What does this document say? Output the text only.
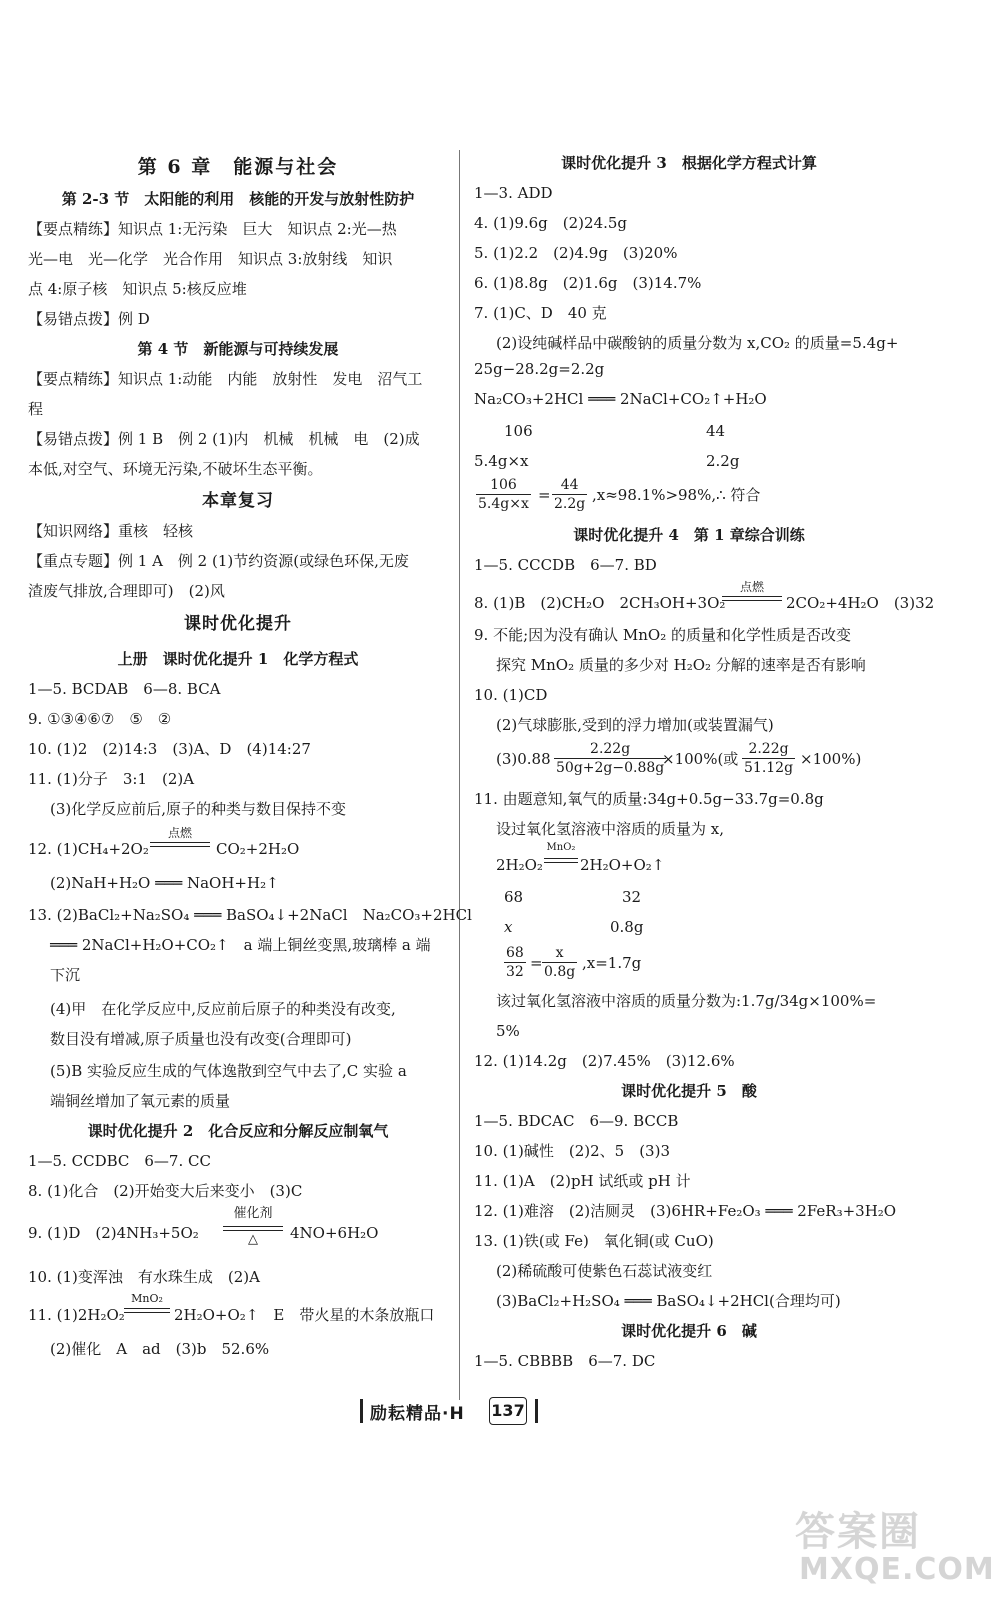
第 6 章　能源与社会
第 2-3 节　太阳能的利用　核能的开发与放射性防护
【要点精练】知识点 1:无污染　巨大　知识点 2:光—热
光—电　光—化学　光合作用　知识点 3:放射线　知识
点 4:原子核　知识点 5:核反应堆
【易错点拨】例 D
第 4 节　新能源与可持续发展
【要点精练】知识点 1:动能　内能　放射性　发电　沼气工
程
【易错点拨】例 1 B　例 2 (1)内　机械　机械　电　(2)成
本低,对空气、环境无污染,不破坏生态平衡。
本章复习
【知识网络】重核　轻核
【重点专题】例 1 A　例 2 (1)节约资源(或绿色环保,无废
渣废气排放,合理即可)　(2)风
课时优化提升
上册　课时优化提升 1　化学方程式
1—5. BCDAB　6—8. BCA
9. ①③④⑥⑦　⑤　②
10. (1)2　(2)14:3　(3)A、D　(4)14:27
11. (1)分子　3:1　(2)A
(3)化学反应前后,原子的种类与数目保持不变
12. (1)CH₄+2O₂
点燃
CO₂+2H₂O
(2)NaH+H₂O ═══ NaOH+H₂↑
13. (2)BaCl₂+Na₂SO₄ ═══ BaSO₄↓+2NaCl　Na₂CO₃+2HCl
═══ 2NaCl+H₂O+CO₂↑　a 端上铜丝变黑,玻璃棒 a 端
下沉
(4)甲　在化学反应中,反应前后原子的种类没有改变,
数目没有增减,原子质量也没有改变(合理即可)
(5)B 实验反应生成的气体逸散到空气中去了,C 实验 a
端铜丝增加了氧元素的质量
课时优化提升 2　化合反应和分解反应制氧气
1—5. CCDBC　6—7. CC
8. (1)化合　(2)开始变大后来变小　(3)C
9. (1)D　(2)4NH₃+5O₂
催化剂
△	4NO+6H₂O
10. (1)变浑浊　有水珠生成　(2)A
11. (1)2H₂O₂
MnO₂
2H₂O+O₂↑　E　带火星的木条放瓶口
(2)催化　A　ad　(3)b　52.6%
课时优化提升 3　根据化学方程式计算
1—3. ADD
4. (1)9.6g　(2)24.5g
5. (1)2.2　(2)4.9g　(3)20%
6. (1)8.8g　(2)1.6g　(3)14.7%
7. (1)C、D　40 克
(2)设纯碱样品中碳酸钠的质量分数为 x,CO₂ 的质量=5.4g+
25g−28.2g=2.2g
Na₂CO₃+2HCl ═══ 2NaCl+CO₂↑+H₂O
106	44
5.4g×x	2.2g
$\frac{106}{5.4g\times x} = \frac{44}{2.2g}$ ,x≈98.1%>98%,∴ 符合
课时优化提升 4　第 1 章综合训练
1—5. CCCDB　6—7. BD
8. (1)B　(2)CH₂O　2CH₃OH+3O₂
点燃
2CO₂+4H₂O　(3)32
9. 不能;因为没有确认 MnO₂ 的质量和化学性质是否改变
探究 MnO₂ 质量的多少对 H₂O₂ 分解的速率是否有影响
10. (1)CD
(2)气球膨胀,受到的浮力增加(或装置漏气)
$(3)0.88 \frac{2.22g}{50g+2g-0.88g}$
×100%(或 $\frac{2.22g}{51.12g} \times 100\%$)
11. 由题意知,氧气的质量:34g+0.5g−33.7g=0.8g
设过氧化氢溶液中溶质的质量为 x,
2H₂O₂
MnO₂
2H₂O+O₂↑
68	32
x	0.8g
$\frac{68}{32} = \frac{x}{0.8g} ,x=1.7g$
该过氧化氢溶液中溶质的质量分数为:1.7g/34g×100%=
5%
12. (1)14.2g　(2)7.45%　(3)12.6%
课时优化提升 5　酸
1—5. BDCAC　6—9. BCCB
10. (1)碱性　(2)2、5　(3)3
11. (1)A　(2)pH 试纸或 pH 计
12. (1)难溶　(2)洁厕灵　(3)6HR+Fe₂O₃ ═══ 2FeR₃+3H₂O
13. (1)铁(或 Fe)　氧化铜(或 CuO)
(2)稀硫酸可使紫色石蕊试液变红
(3)BaCl₂+H₂SO₄ ═══ BaSO₄↓+2HCl(合理均可)
课时优化提升 6　碱
1—5. CBBBB　6—7. DC
励耘精品·H 137
答案圈
MXQE.COM
